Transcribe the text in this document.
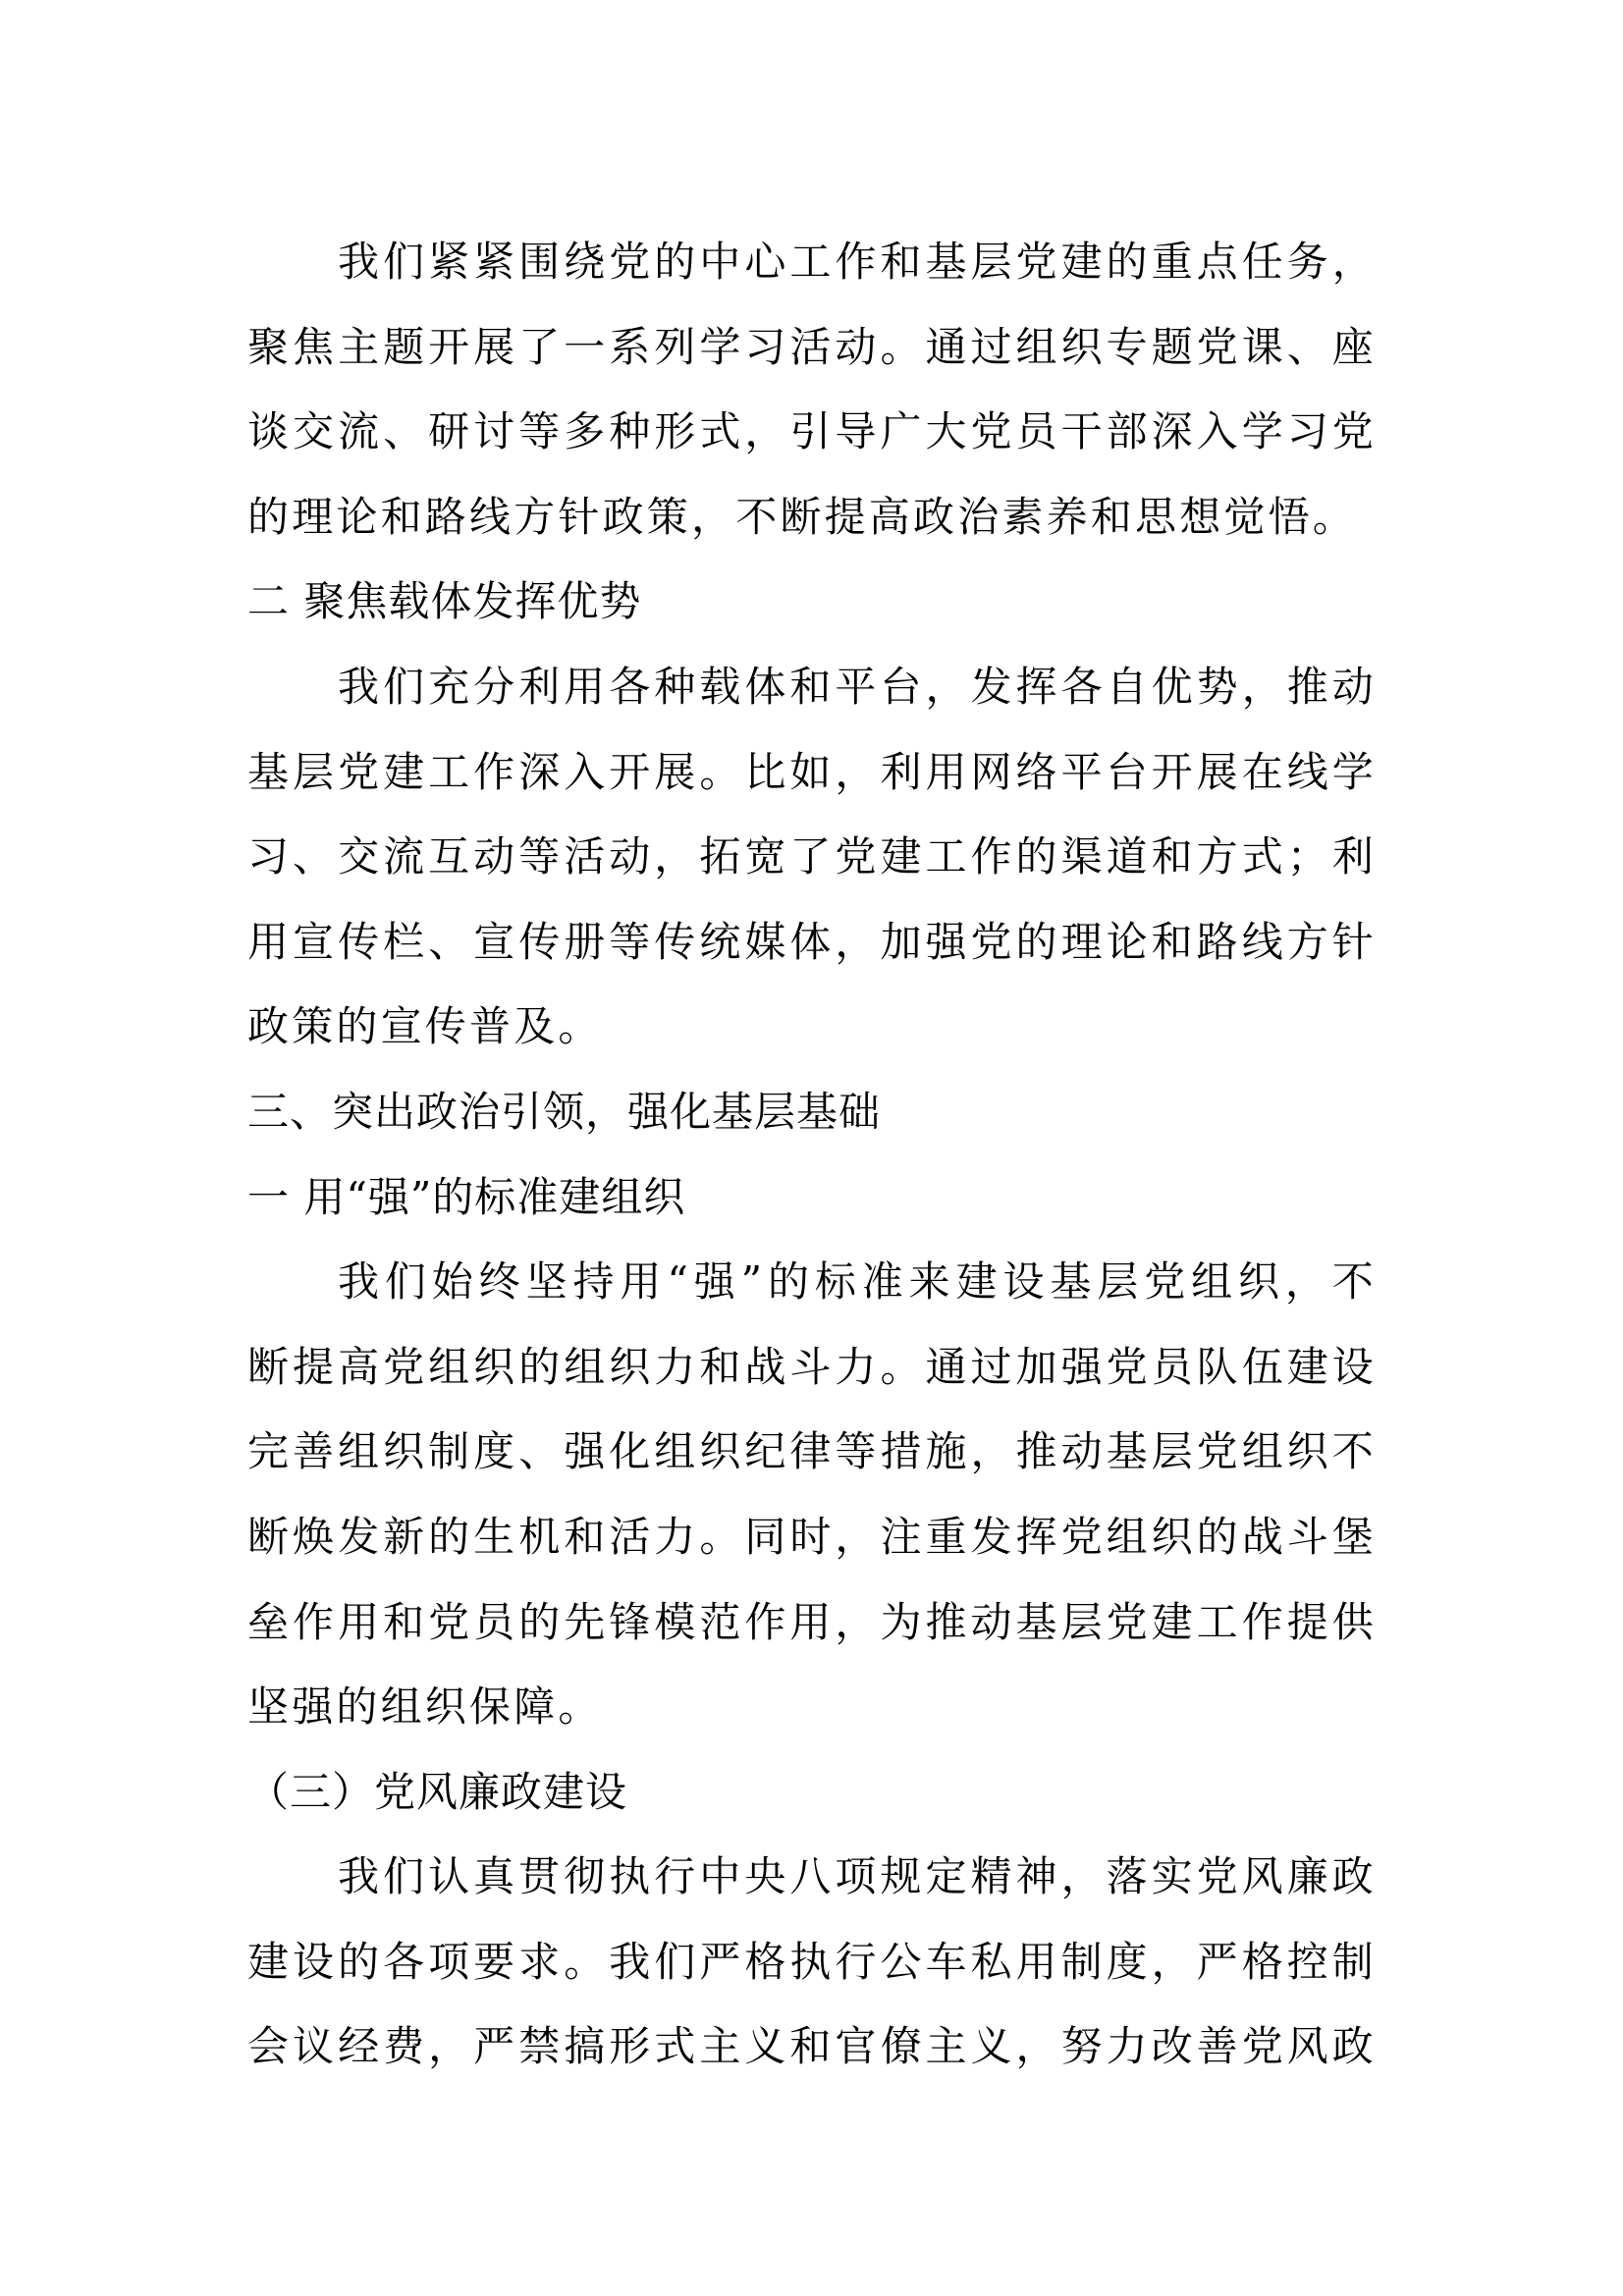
我们紧紧围绕党的中心工作和基层党建的重点任务，
聚焦主题开展了一系列学习活动。通过组织专题党课、座
谈交流、研讨等多种形式，引导广大党员干部深入学习党
的理论和路线方针政策，不断提高政治素养和思想觉悟。
二 聚焦载体发挥优势
我们充分利用各种载体和平台，发挥各自优势，推动
基层党建工作深入开展。比如，利用网络平台开展在线学
习、交流互动等活动，拓宽了党建工作的渠道和方式；利
用宣传栏、宣传册等传统媒体，加强党的理论和路线方针
政策的宣传普及。
三、突出政治引领，强化基层基础
一 用“强”的标准建组织
我们始终坚持用“强”的标准来建设基层党组织，不
断提高党组织的组织力和战斗力。通过加强党员队伍建设
完善组织制度、强化组织纪律等措施，推动基层党组织不
断焕发新的生机和活力。同时，注重发挥党组织的战斗堡
垒作用和党员的先锋模范作用，为推动基层党建工作提供
坚强的组织保障。
（三）党风廉政建设
我们认真贯彻执行中央八项规定精神，落实党风廉政
建设的各项要求。我们严格执行公车私用制度，严格控制
会议经费，严禁搞形式主义和官僚主义，努力改善党风政
